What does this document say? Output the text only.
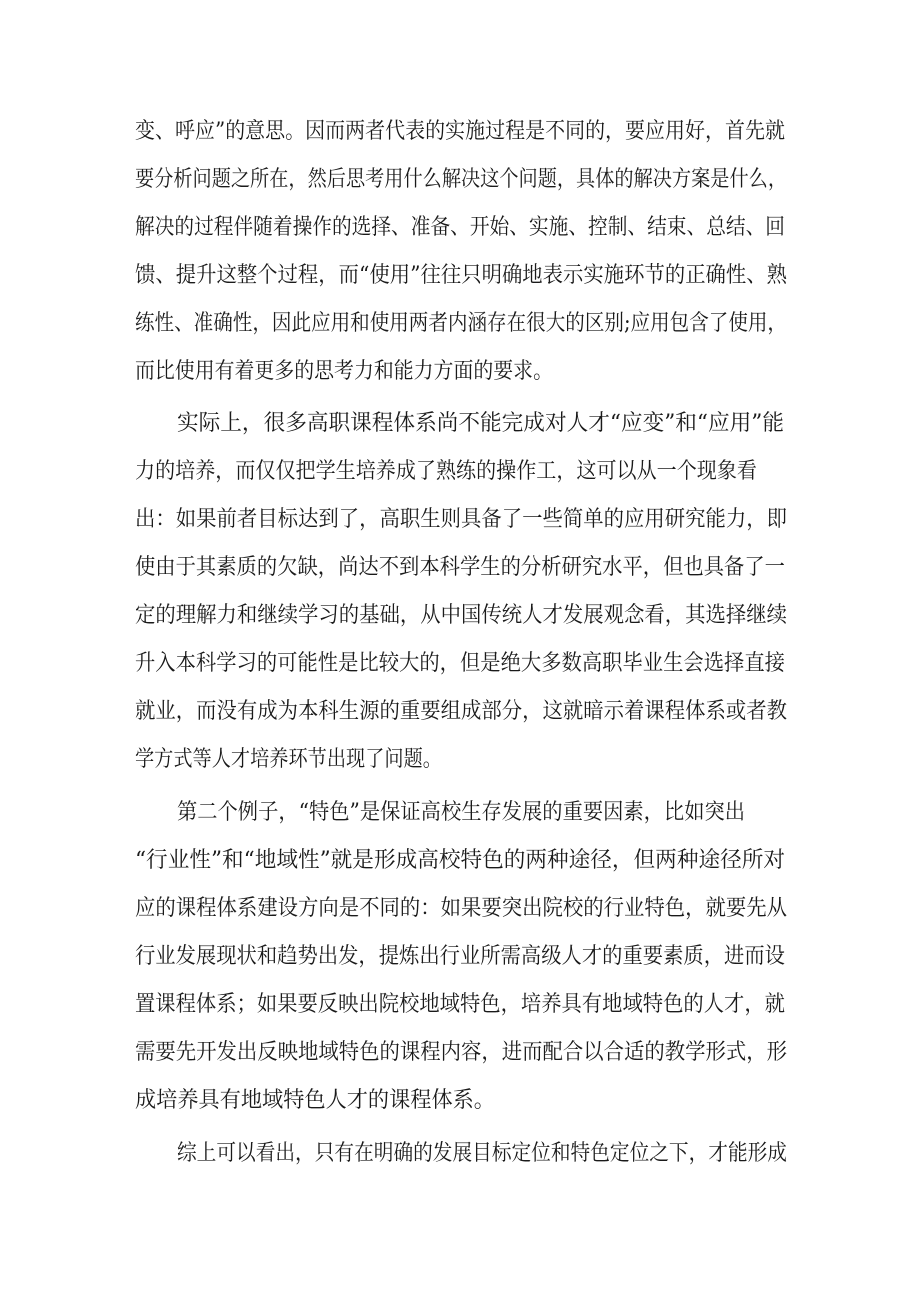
变、呼应”的意思。因而两者代表的实施过程是不同的，要应用好，首先就
要分析问题之所在，然后思考用什么解决这个问题，具体的解决方案是什么，
解决的过程伴随着操作的选择、准备、开始、实施、控制、结束、总结、回
馈、提升这整个过程，而“使用”往往只明确地表示实施环节的正确性、熟
练性、准确性，因此应用和使用两者内涵存在很大的区别;应用包含了使用，
而比使用有着更多的思考力和能力方面的要求。
实际上，很多高职课程体系尚不能完成对人才“应变”和“应用”能
力的培养，而仅仅把学生培养成了熟练的操作工，这可以从一个现象看
出：如果前者目标达到了，高职生则具备了一些简单的应用研究能力，即
使由于其素质的欠缺，尚达不到本科学生的分析研究水平，但也具备了一
定的理解力和继续学习的基础，从中国传统人才发展观念看，其选择继续
升入本科学习的可能性是比较大的，但是绝大多数高职毕业生会选择直接
就业，而没有成为本科生源的重要组成部分，这就暗示着课程体系或者教
学方式等人才培养环节出现了问题。
第二个例子，“特色”是保证高校生存发展的重要因素，比如突出
“行业性”和“地域性”就是形成高校特色的两种途径，但两种途径所对
应的课程体系建设方向是不同的：如果要突出院校的行业特色，就要先从
行业发展现状和趋势出发，提炼出行业所需高级人才的重要素质，进而设
置课程体系；如果要反映出院校地域特色，培养具有地域特色的人才，就
需要先开发出反映地域特色的课程内容，进而配合以合适的教学形式，形
成培养具有地域特色人才的课程体系。
综上可以看出，只有在明确的发展目标定位和特色定位之下，才能形成
